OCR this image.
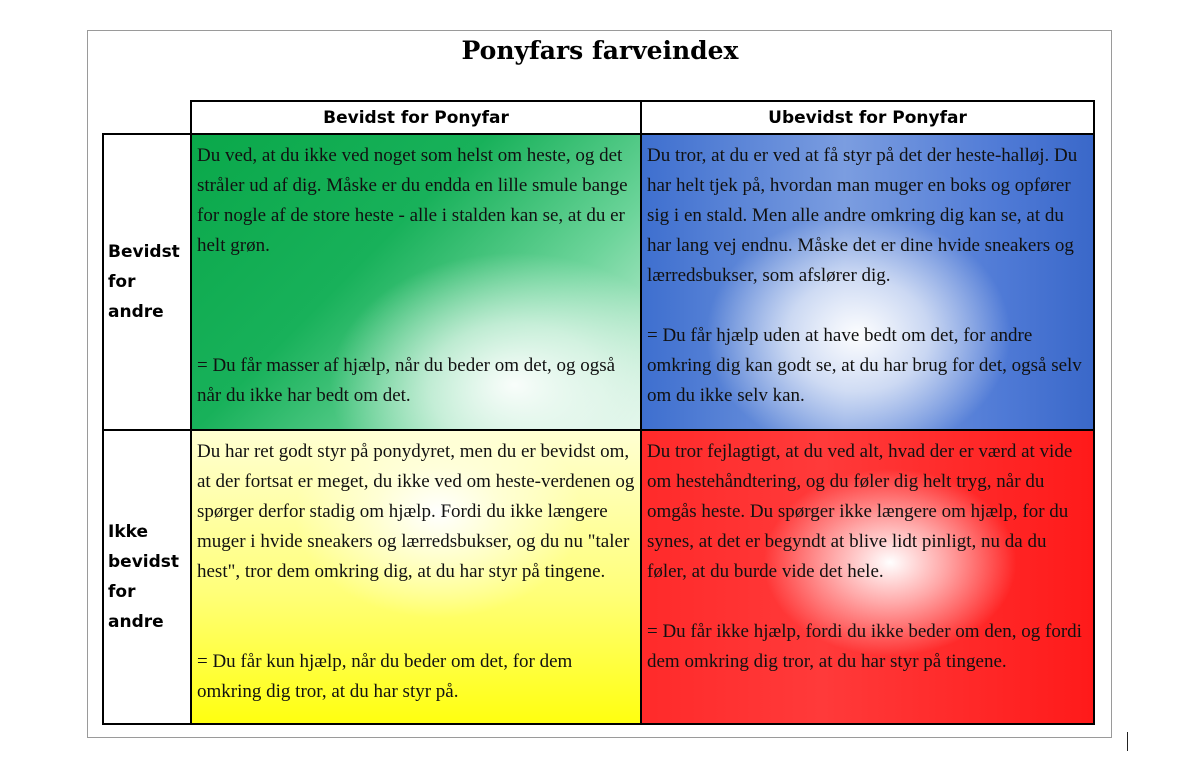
Ponyfars farveindex
Bevidst for Ponyfar	Ubevidst for Ponyfar
Bevidst
for
andre
Ikke
bevidst
for
andre

Du ved, at du ikke ved noget som helst om heste, og det stråler ud af dig. Måske er du endda en lille smule bange for nogle af de store heste - alle i stalden kan se, at du er helt grøn.

= Du får masser af hjælp, når du beder om det, og også når du ikke har bedt om det.

Du tror, at du er ved at få styr på det der heste-halløj. Du har helt tjek på, hvordan man muger en boks og opfører sig i en stald. Men alle andre omkring dig kan se, at du har lang vej endnu. Måske det er dine hvide sneakers og lærredsbukser, som afslører dig.

= Du får hjælp uden at have bedt om det, for andre omkring dig kan godt se, at du har brug for det, også selv om du ikke selv kan.

Du har ret godt styr på ponydyret, men du er bevidst om, at der fortsat er meget, du ikke ved om heste-verdenen og spørger derfor stadig om hjælp. Fordi du ikke længere muger i hvide sneakers og lærredsbukser, og du nu "taler hest", tror dem omkring dig, at du har styr på tingene.

= Du får kun hjælp, når du beder om det, for dem omkring dig tror, at du har styr på.

Du tror fejlagtigt, at du ved alt, hvad der er værd at vide om hestehåndtering, og du føler dig helt tryg, når du omgås heste. Du spørger ikke længere om hjælp, for du synes, at det er begyndt at blive lidt pinligt, nu da du føler, at du burde vide det hele.

= Du får ikke hjælp, fordi du ikke beder om den, og fordi dem omkring dig tror, at du har styr på tingene.
